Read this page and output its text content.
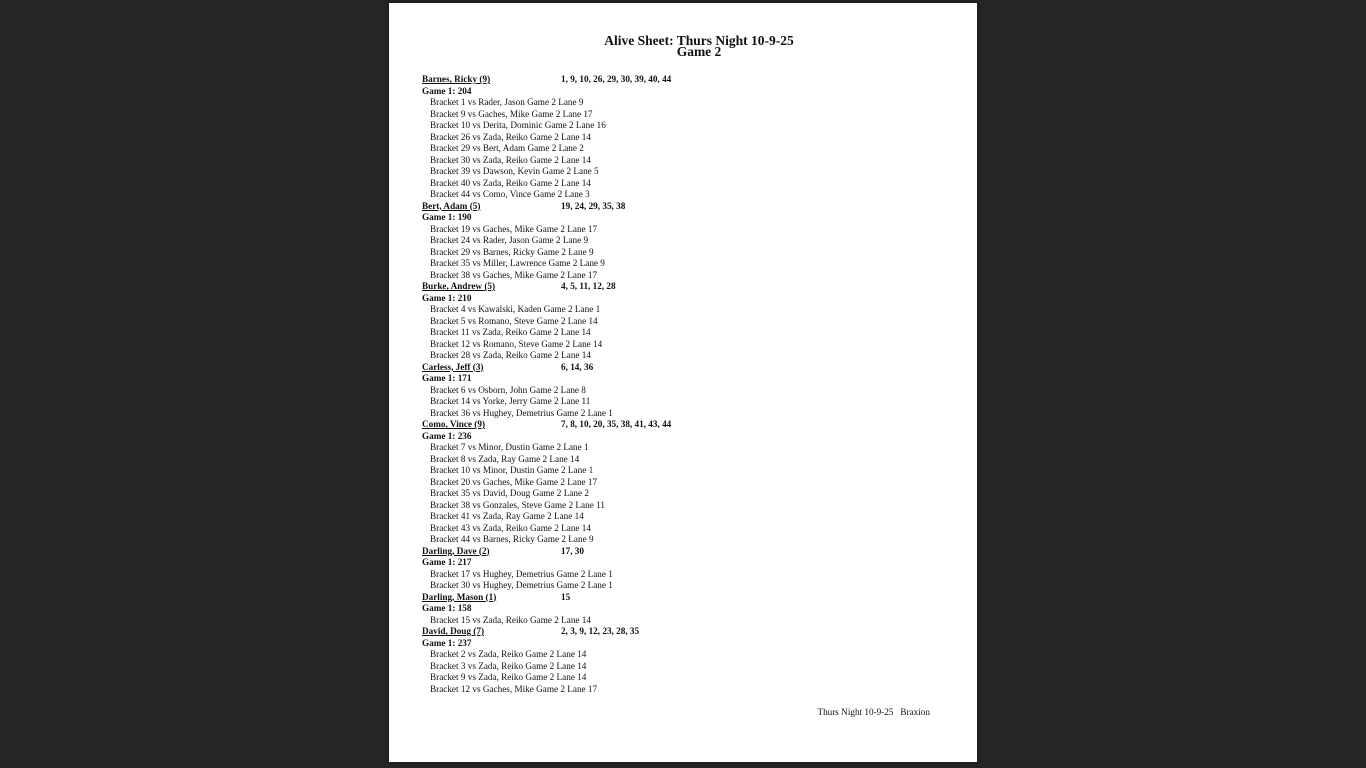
Alive Sheet: Thurs Night 10-9-25
Game 2
Barnes, Ricky (9)	1, 9, 10, 26, 29, 30, 39, 40, 44
Game 1: 204
Bracket 1 vs Rader, Jason Game 2 Lane 9
Bracket 9 vs Gaches, Mike Game 2 Lane 17
Bracket 10 vs Derita, Dominic Game 2 Lane 16
Bracket 26 vs Zada, Reiko Game 2 Lane 14
Bracket 29 vs Bert, Adam Game 2 Lane 2
Bracket 30 vs Zada, Reiko Game 2 Lane 14
Bracket 39 vs Dawson, Kevin Game 2 Lane 5
Bracket 40 vs Zada, Reiko Game 2 Lane 14
Bracket 44 vs Como, Vince Game 2 Lane 3
Bert, Adam (5)	19, 24, 29, 35, 38
Game 1: 190
Bracket 19 vs Gaches, Mike Game 2 Lane 17
Bracket 24 vs Rader, Jason Game 2 Lane 9
Bracket 29 vs Barnes, Ricky Game 2 Lane 9
Bracket 35 vs Miller, Lawrence Game 2 Lane 9
Bracket 38 vs Gaches, Mike Game 2 Lane 17
Burke, Andrew (5)	4, 5, 11, 12, 28
Game 1: 210
Bracket 4 vs Kawalski, Kaden Game 2 Lane 1
Bracket 5 vs Romano, Steve Game 2 Lane 14
Bracket 11 vs Zada, Reiko Game 2 Lane 14
Bracket 12 vs Romano, Steve Game 2 Lane 14
Bracket 28 vs Zada, Reiko Game 2 Lane 14
Carless, Jeff (3)	6, 14, 36
Game 1: 171
Bracket 6 vs Osborn, John Game 2 Lane 8
Bracket 14 vs Yorke, Jerry Game 2 Lane 11
Bracket 36 vs Hughey, Demetrius Game 2 Lane 1
Como, Vince (9)	7, 8, 10, 20, 35, 38, 41, 43, 44
Game 1: 236
Bracket 7 vs Minor, Dustin Game 2 Lane 1
Bracket 8 vs Zada, Ray Game 2 Lane 14
Bracket 10 vs Minor, Dustin Game 2 Lane 1
Bracket 20 vs Gaches, Mike Game 2 Lane 17
Bracket 35 vs David, Doug Game 2 Lane 2
Bracket 38 vs Gonzales, Steve Game 2 Lane 11
Bracket 41 vs Zada, Ray Game 2 Lane 14
Bracket 43 vs Zada, Reiko Game 2 Lane 14
Bracket 44 vs Barnes, Ricky Game 2 Lane 9
Darling, Dave (2)	17, 30
Game 1: 217
Bracket 17 vs Hughey, Demetrius Game 2 Lane 1
Bracket 30 vs Hughey, Demetrius Game 2 Lane 1
Darling, Mason (1)	15
Game 1: 158
Bracket 15 vs Zada, Reiko Game 2 Lane 14
David, Doug (7)	2, 3, 9, 12, 23, 28, 35
Game 1: 237
Bracket 2 vs Zada, Reiko Game 2 Lane 14
Bracket 3 vs Zada, Reiko Game 2 Lane 14
Bracket 9 vs Zada, Reiko Game 2 Lane 14
Bracket 12 vs Gaches, Mike Game 2 Lane 17
Thurs Night 10-9-25   Braxion
